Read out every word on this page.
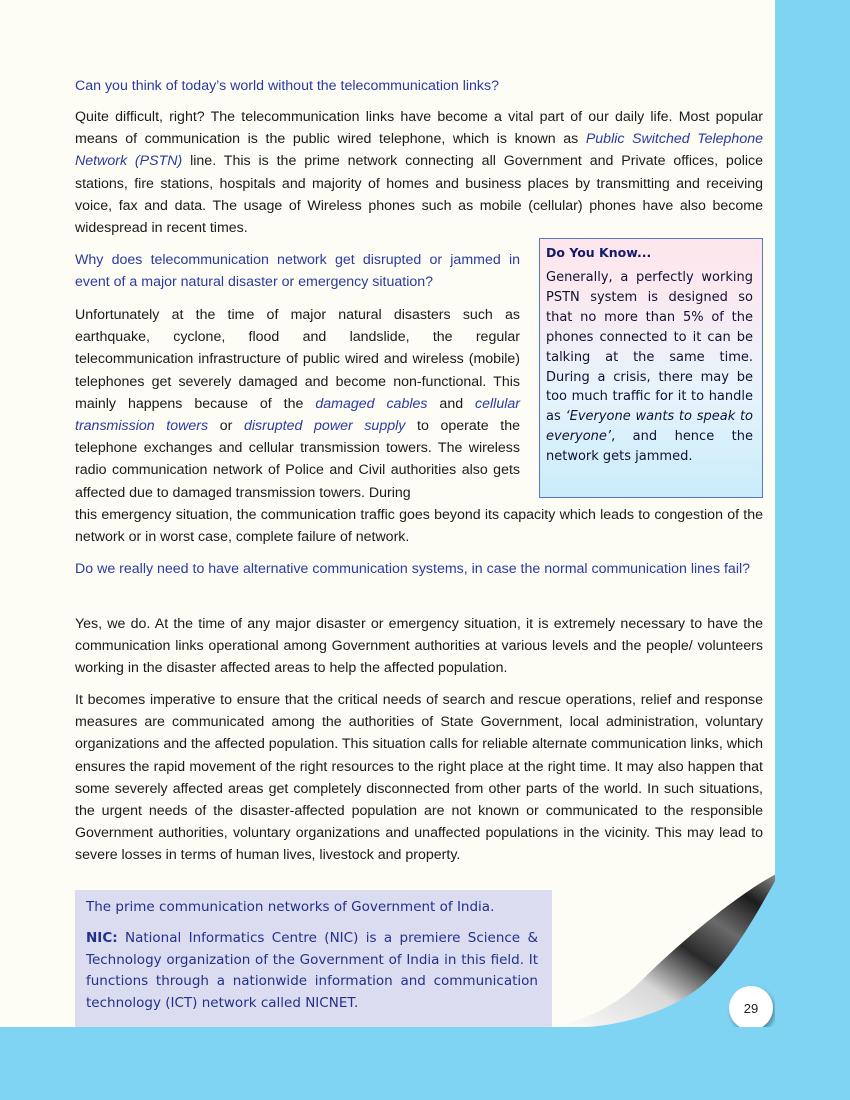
Can you think of today’s world without the telecommunication links?

Quite difficult, right? The telecommunication links have become a vital part of our daily life. Most popular means of communication is the public wired telephone, which is known as Public Switched Telephone Network (PSTN) line. This is the prime network connecting all Government and Private offices, police stations, fire stations, hospitals and majority of homes and business places by transmitting and receiving voice, fax and data. The usage of Wireless phones such as mobile (cellular) phones have also become widespread in recent times.

Why does telecommunication network get disrupted or jammed in event of a major natural disaster or emergency situation?

Unfortunately at the time of major natural disasters such as earthquake, cyclone, flood and landslide, the regular telecommunication infrastructure of public wired and wireless (mobile) telephones get severely damaged and become non-functional. This mainly happens because of the damaged cables and cellular transmission towers or disrupted power supply to operate the telephone exchanges and cellular transmission towers. The wireless radio communication network of Police and Civil authorities also gets affected due to damaged transmission towers. During

this emergency situation, the communication traffic goes beyond its capacity which leads to congestion of the network or in worst case, complete failure of network.

Do You Know...

Generally, a perfectly working PSTN system is designed so that no more than 5% of the phones connected to it can be talking at the same time. During a crisis, there may be too much traffic for it to handle as ‘Everyone wants to speak to everyone’, and hence the network gets jammed.

Do we really need to have alternative communication systems, in case the normal communication lines fail?

Yes, we do. At the time of any major disaster or emergency situation, it is extremely necessary to have the communication links operational among Government authorities at various levels and the people/ volunteers working in the disaster affected areas to help the affected population.

It becomes imperative to ensure that the critical needs of search and rescue operations, relief and response measures are communicated among the authorities of State Government, local administration, voluntary organizations and the affected population. This situation calls for reliable alternate communication links, which ensures the rapid movement of the right resources to the right place at the right time. It may also happen that some severely affected areas get completely disconnected from other parts of the world. In such situations, the urgent needs of the disaster-affected population are not known or communicated to the responsible Government authorities, voluntary organizations and unaffected populations in the vicinity. This may lead to severe losses in terms of human lives, livestock and property.

The prime communication networks of Government of India.

NIC: National Informatics Centre (NIC) is a premiere Science & Technology organization of the Government of India in this field. It functions through a nationwide information and communication technology (ICT) network called NICNET.	29
